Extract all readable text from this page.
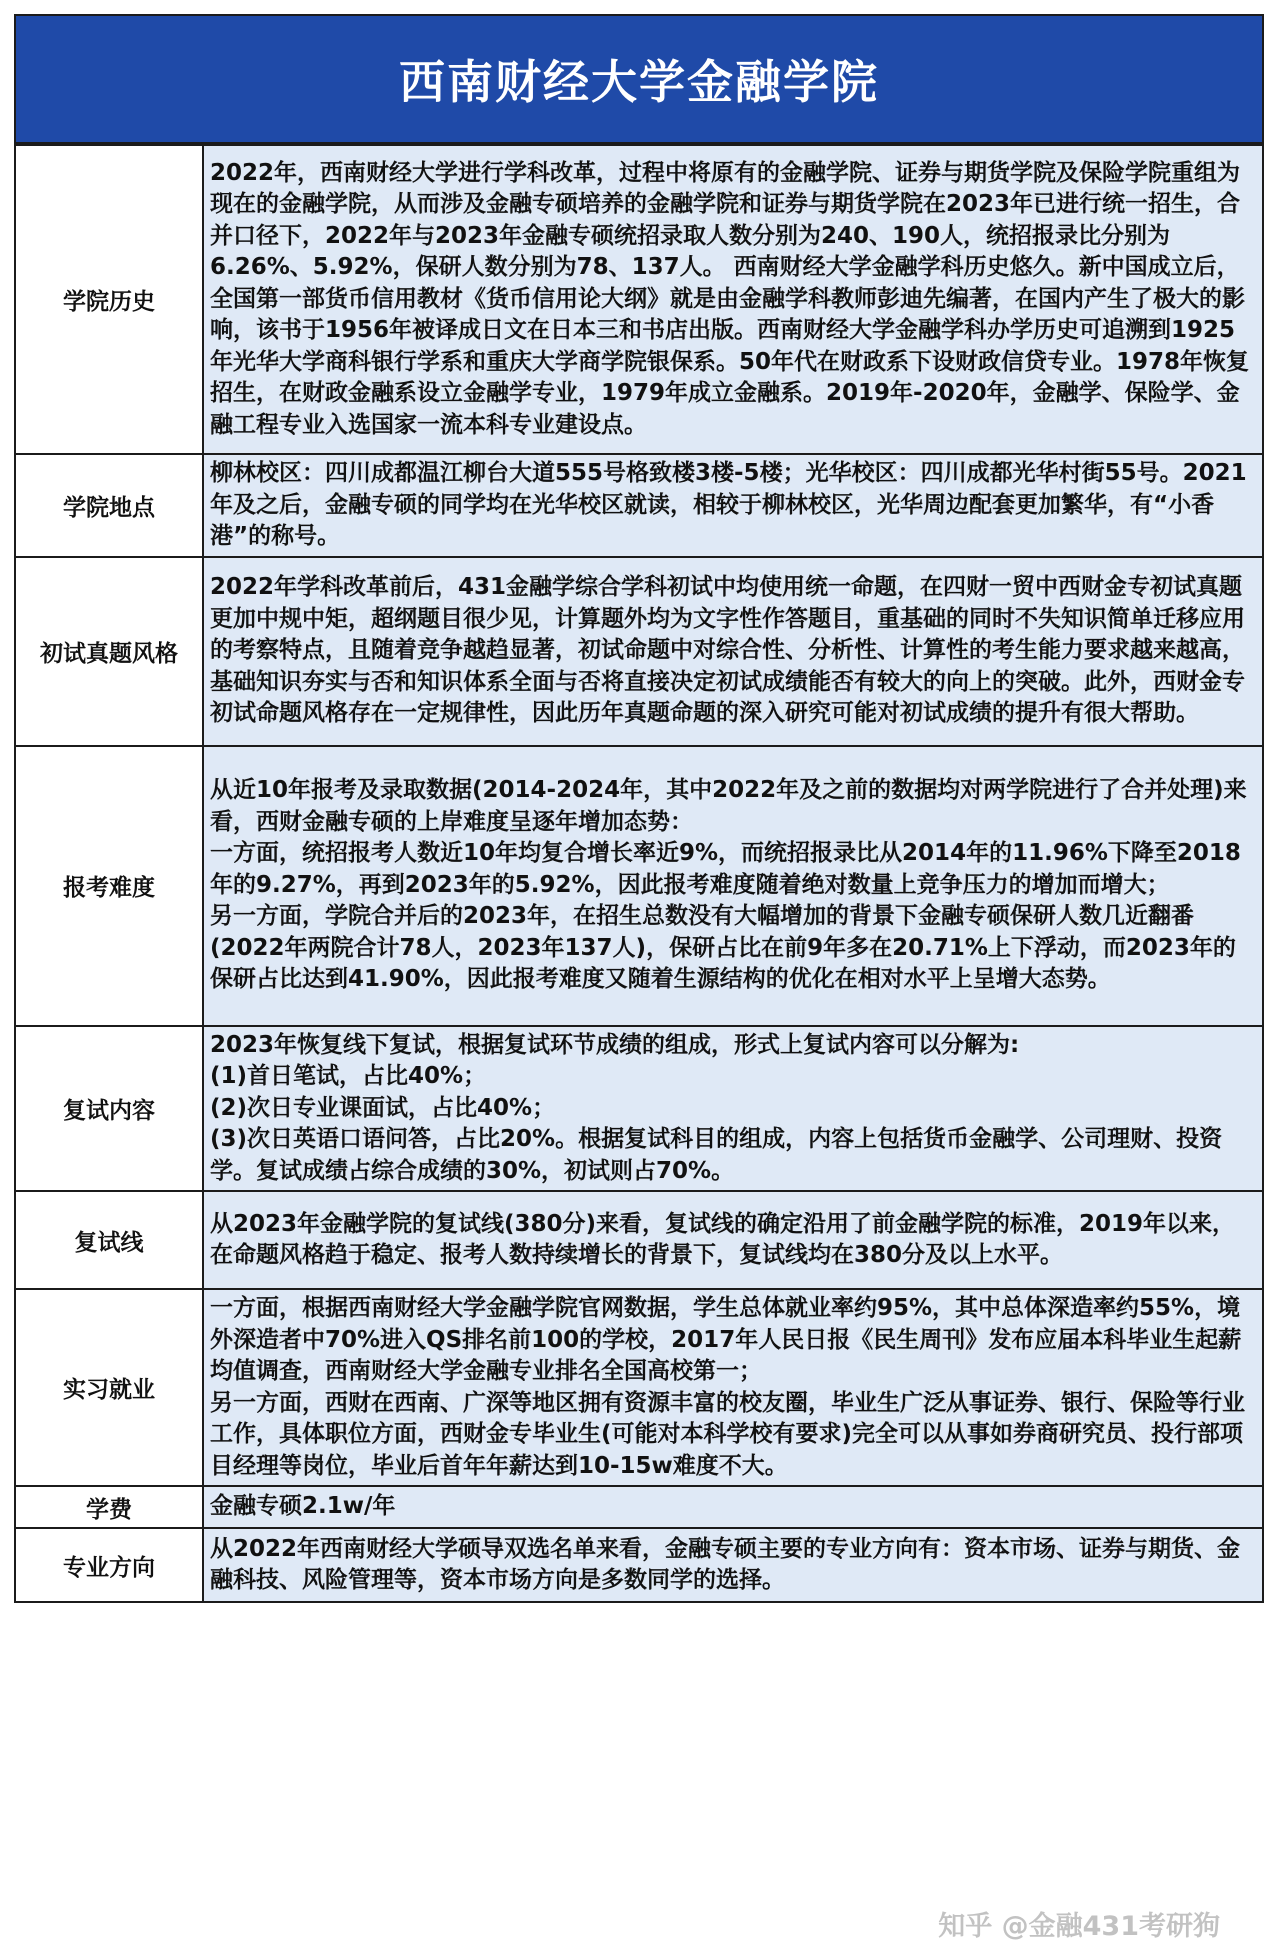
西南财经大学金融学院
学院历史	2022年，西南财经大学进行学科改革，过程中将原有的金融学院、证券与期货学院及保险学院重组为现在的金融学院，从而涉及金融专硕培养的金融学院和证券与期货学院在2023年已进行统一招生，合并口径下，2022年与2023年金融专硕统招录取人数分别为240、190人，统招报录比分别为6.26%、5.92%，保研人数分别为78、137人。 西南财经大学金融学科历史悠久。新中国成立后，全国第一部货币信用教材《货币信用论大纲》就是由金融学科教师彭迪先编著，在国内产生了极大的影响，该书于1956年被译成日文在日本三和书店出版。西南财经大学金融学科办学历史可追溯到1925年光华大学商科银行学系和重庆大学商学院银保系。50年代在财政系下设财政信贷专业。1978年恢复招生，在财政金融系设立金融学专业，1979年成立金融系。2019年-2020年，金融学、保险学、金融工程专业入选国家一流本科专业建设点。

学院地点	柳林校区：四川成都温江柳台大道555号格致楼3楼-5楼；光华校区：四川成都光华村街55号。2021年及之后，金融专硕的同学均在光华校区就读，相较于柳林校区，光华周边配套更加繁华，有“小香港”的称号。

初试真题风格	2022年学科改革前后，431金融学综合学科初试中均使用统一命题，在四财一贸中西财金专初试真题更加中规中矩，超纲题目很少见，计算题外均为文字性作答题目，重基础的同时不失知识简单迁移应用的考察特点，且随着竞争越趋显著，初试命题中对综合性、分析性、计算性的考生能力要求越来越高，基础知识夯实与否和知识体系全面与否将直接决定初试成绩能否有较大的向上的突破。此外，西财金专初试命题风格存在一定规律性，因此历年真题命题的深入研究可能对初试成绩的提升有很大帮助。

报考难度	从近10年报考及录取数据(2014-2024年，其中2022年及之前的数据均对两学院进行了合并处理)来看，西财金融专硕的上岸难度呈逐年增加态势：

一方面，统招报考人数近10年均复合增长率近9%，而统招报录比从2014年的11.96%下降至2018年的9.27%，再到2023年的5.92%，因此报考难度随着绝对数量上竞争压力的增加而增大；

另一方面，学院合并后的2023年，在招生总数没有大幅增加的背景下金融专硕保研人数几近翻番(2022年两院合计78人，2023年137人)，保研占比在前9年多在20.71%上下浮动，而2023年的保研占比达到41.90%，因此报考难度又随着生源结构的优化在相对水平上呈增大态势。

复试内容	2023年恢复线下复试，根据复试环节成绩的组成，形式上复试内容可以分解为:

(1)首日笔试，占比40%；

(2)次日专业课面试，占比40%；

(3)次日英语口语问答，占比20%。根据复试科目的组成，内容上包括货币金融学、公司理财、投资学。复试成绩占综合成绩的30%，初试则占70%。

复试线	从2023年金融学院的复试线(380分)来看，复试线的确定沿用了前金融学院的标准，2019年以来，在命题风格趋于稳定、报考人数持续增长的背景下，复试线均在380分及以上水平。

实习就业	一方面，根据西南财经大学金融学院官网数据，学生总体就业率约95%，其中总体深造率约55%，境外深造者中70%进入QS排名前100的学校，2017年人民日报《民生周刊》发布应届本科毕业生起薪均值调查，西南财经大学金融专业排名全国高校第一；

另一方面，西财在西南、广深等地区拥有资源丰富的校友圈，毕业生广泛从事证券、银行、保险等行业工作，具体职位方面，西财金专毕业生(可能对本科学校有要求)完全可以从事如券商研究员、投行部项目经理等岗位，毕业后首年年薪达到10-15w难度不大。

学费	金融专硕2.1w/年

专业方向	从2022年西南财经大学硕导双选名单来看，金融专硕主要的专业方向有：资本市场、证券与期货、金融科技、风险管理等，资本市场方向是多数同学的选择。

知乎 @金融431考研狗
